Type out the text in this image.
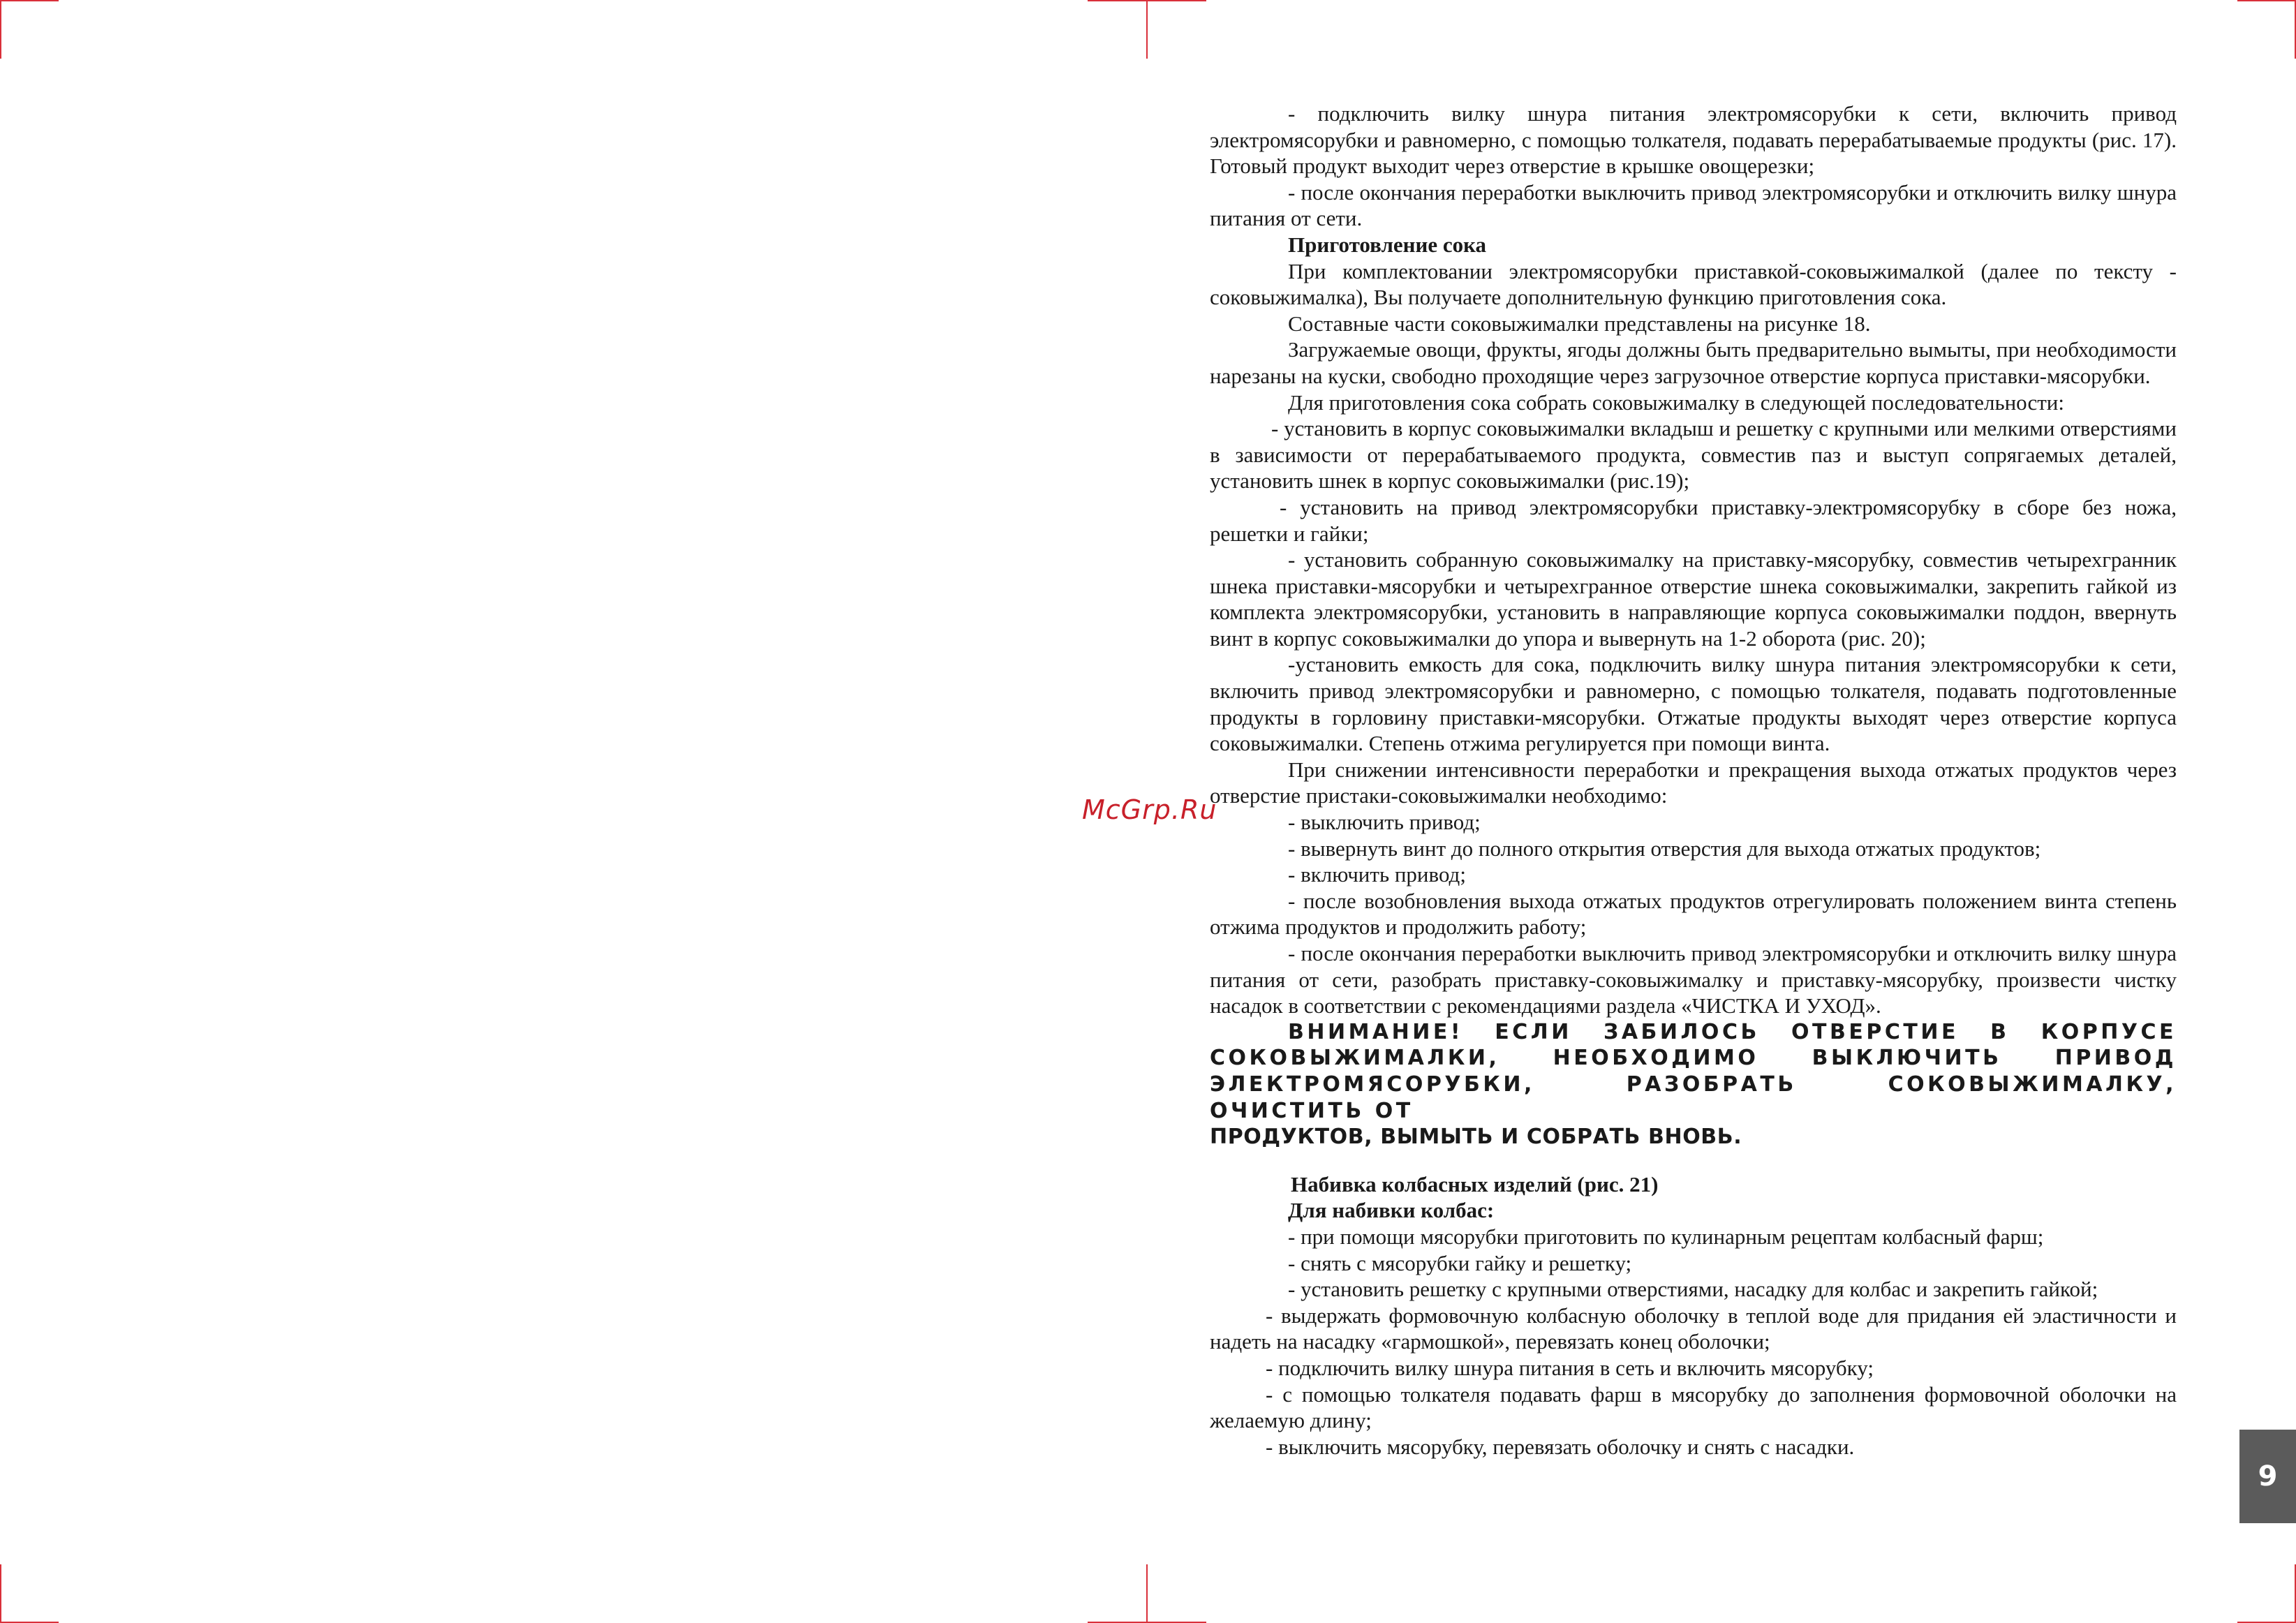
McGrp.Ru

- подключить вилку шнура питания электромясорубки к сети, включить привод электромясорубки и равномерно, с помощью толкателя, подавать перерабатываемые продукты (рис. 17). Готовый продукт выходит через отверстие в крышке овощерезки;

- после окончания переработки выключить привод электромясорубки и отключить вилку шнура питания от сети.

Приготовление сока

При комплектовании электромясорубки приставкой-соковыжималкой (далее по тексту - соковыжималка), Вы получаете дополнительную функцию приготовления сока.

Составные части соковыжималки представлены на рисунке 18.

Загружаемые овощи, фрукты, ягоды должны быть предварительно вымыты, при необходимости нарезаны на куски, свободно проходящие через загрузочное отверстие корпуса приставки-мясорубки.

Для приготовления сока собрать соковыжималку в следующей последовательности:

- установить в корпус соковыжималки вкладыш и решетку с крупными или мелкими отверстиями в зависимости от перерабатываемого продукта, совместив паз и выступ сопрягаемых деталей, установить шнек в корпус соковыжималки (рис.19);

- установить на привод электромясорубки приставку-электромясорубку в сборе без ножа, решетки и гайки;

- установить собранную соковыжималку на приставку-мясорубку, совместив четырехгранник шнека приставки-мясорубки и четырехгранное отверстие шнека соковыжималки, закрепить гайкой из комплекта электромясорубки, установить в направляющие корпуса соковыжималки поддон, ввернуть винт в корпус соковыжималки до упора и вывернуть на 1-2 оборота (рис. 20);

-установить емкость для сока, подключить вилку шнура питания электромясорубки к сети, включить привод электромясорубки и равномерно, с помощью толкателя, подавать подготовленные продукты в горловину приставки-мясорубки. Отжатые продукты выходят через отверстие корпуса соковыжималки. Степень отжима регулируется при помощи винта.

При снижении интенсивности переработки и прекращения выхода отжатых продуктов через отверстие пристаки-соковыжималки необходимо:

- выключить привод;

- вывернуть винт до полного открытия отверстия для выхода отжатых продуктов;

- включить привод;

- после возобновления выхода отжатых продуктов отрегулировать положением винта степень отжима продуктов и продолжить работу;

- после окончания переработки выключить привод электромясорубки и отключить вилку шнура питания от сети, разобрать приставку-соковыжималку и приставку-мясорубку, произвести чистку насадок в соответствии с рекомендациями раздела «ЧИСТКА И УХОД».

ВНИМАНИЕ! ЕСЛИ ЗАБИЛОСЬ ОТВЕРСТИЕ В КОРПУСЕ СОКОВЫЖИМАЛКИ, НЕОБХОДИМО ВЫКЛЮЧИТЬ ПРИВОД ЭЛЕКТРОМЯСОРУБКИ, РАЗОБРАТЬ СОКОВЫЖИМАЛКУ, ОЧИСТИТЬ ОТ

ПРОДУКТОВ, ВЫМЫТЬ И СОБРАТЬ ВНОВЬ.

Набивка колбасных изделий (рис. 21)

Для набивки колбас:

- при помощи мясорубки приготовить по кулинарным рецептам колбасный фарш;

- снять с мясорубки гайку и решетку;

- установить решетку с крупными отверстиями, насадку для колбас и закрепить гайкой;

- выдержать формовочную колбасную оболочку в теплой воде для придания ей эластичности и надеть на насадку «гармошкой», перевязать конец оболочки;

- подключить вилку шнура питания в сеть и включить мясорубку;

- с помощью толкателя подавать фарш в мясорубку до заполнения формовочной оболочки на желаемую длину;

- выключить мясорубку, перевязать оболочку и снять с насадки.

9
